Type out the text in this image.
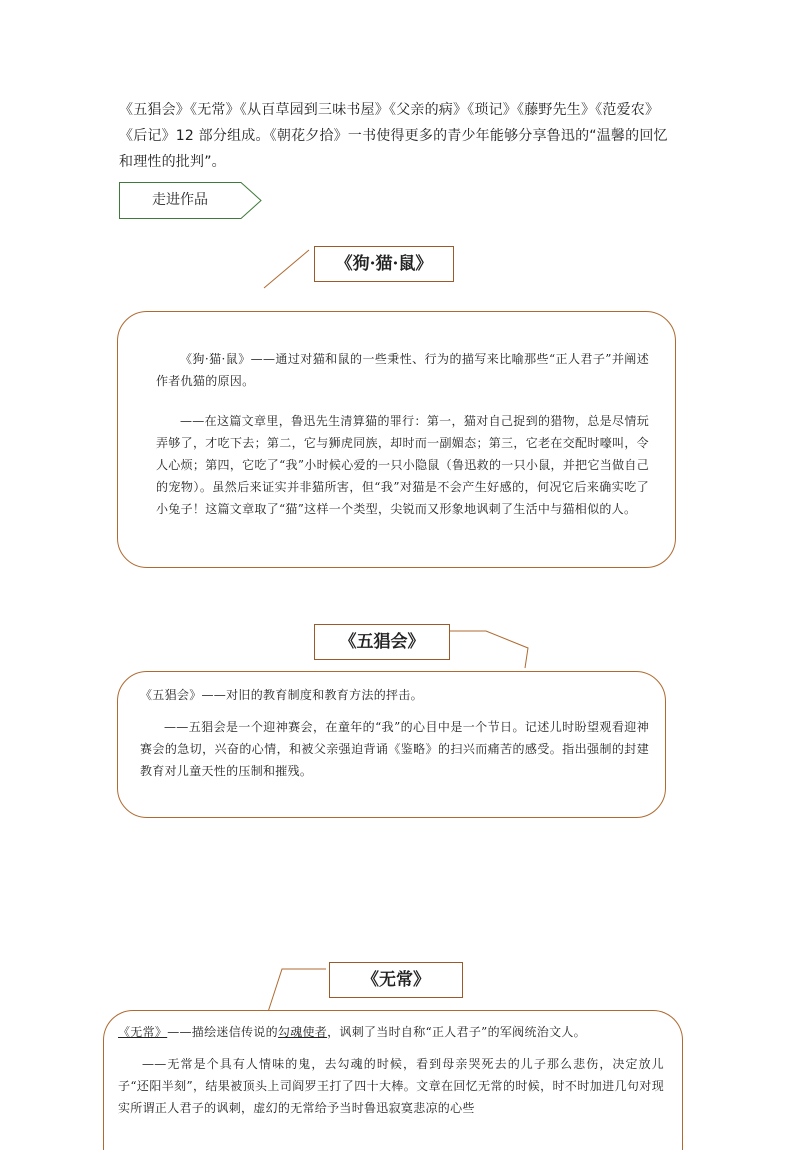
《五猖会》《无常》《从百草园到三味书屋》《父亲的病》《琐记》《藤野先生》《范爱农》《后记》12 部分组成。《朝花夕拾》一书使得更多的青少年能够分享鲁迅的“温馨的回忆和理性的批判”。
走进作品
《狗·猫·鼠》

《狗·猫·鼠》——通过对猫和鼠的一些秉性、行为的描写来比喻那些“正人君子”并阐述作者仇猫的原因。

——在这篇文章里，鲁迅先生清算猫的罪行：第一，猫对自己捉到的猎物，总是尽情玩弄够了，才吃下去；第二，它与狮虎同族，却时而一副媚态；第三，它老在交配时嚎叫，令人心烦；第四，它吃了“我”小时候心爱的一只小隐鼠（鲁迅救的一只小鼠，并把它当做自己的宠物）。虽然后来证实并非猫所害，但“我”对猫是不会产生好感的，何况它后来确实吃了小兔子！这篇文章取了“猫”这样一个类型，尖锐而又形象地讽刺了生活中与猫相似的人。

《五猖会》

《五猖会》——对旧的教育制度和教育方法的抨击。

——五猖会是一个迎神赛会，在童年的“我”的心目中是一个节日。记述儿时盼望观看迎神赛会的急切，兴奋的心情，和被父亲强迫背诵《鉴略》的扫兴而痛苦的感受。指出强制的封建教育对儿童天性的压制和摧残。

《无常》

《无常》——描绘迷信传说的勾魂使者，讽刺了当时自称“正人君子”的军阀统治文人。

——无常是个具有人情味的鬼，去勾魂的时候，看到母亲哭死去的儿子那么悲伤，决定放儿子“还阳半刻”，结果被顶头上司阎罗王打了四十大棒。文章在回忆无常的时候，时不时加进几句对现实所谓正人君子的讽刺，虚幻的无常给予当时鲁迅寂寞悲凉的心些
